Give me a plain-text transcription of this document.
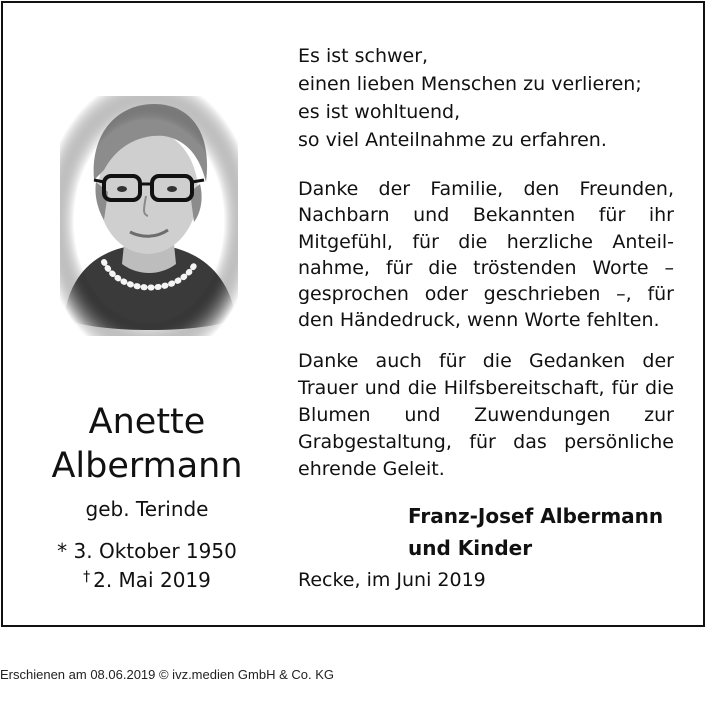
Anette
Albermann
geb. Terinde
* 3. Oktober 1950
† 2. Mai 2019
Es ist schwer,
einen lieben Menschen zu verlieren;
es ist wohltuend,
so viel Anteilnahme zu erfahren.
Danke der Familie, den Freunden, Nachbarn und Bekannten für ihr Mitgefühl, für die herzliche Anteil-nahme, für die tröstenden Worte – gesprochen oder geschrieben –, für den Händedruck, wenn Worte fehlten.
Danke auch für die Gedanken der Trauer und die Hilfsbereitschaft, für die Blumen und Zuwendungen zur Grabgestaltung, für das persönliche ehrende Geleit.
Franz-Josef Albermann
und Kinder
Recke, im Juni 2019
Erschienen am 08.06.2019 © ivz.medien GmbH & Co. KG
